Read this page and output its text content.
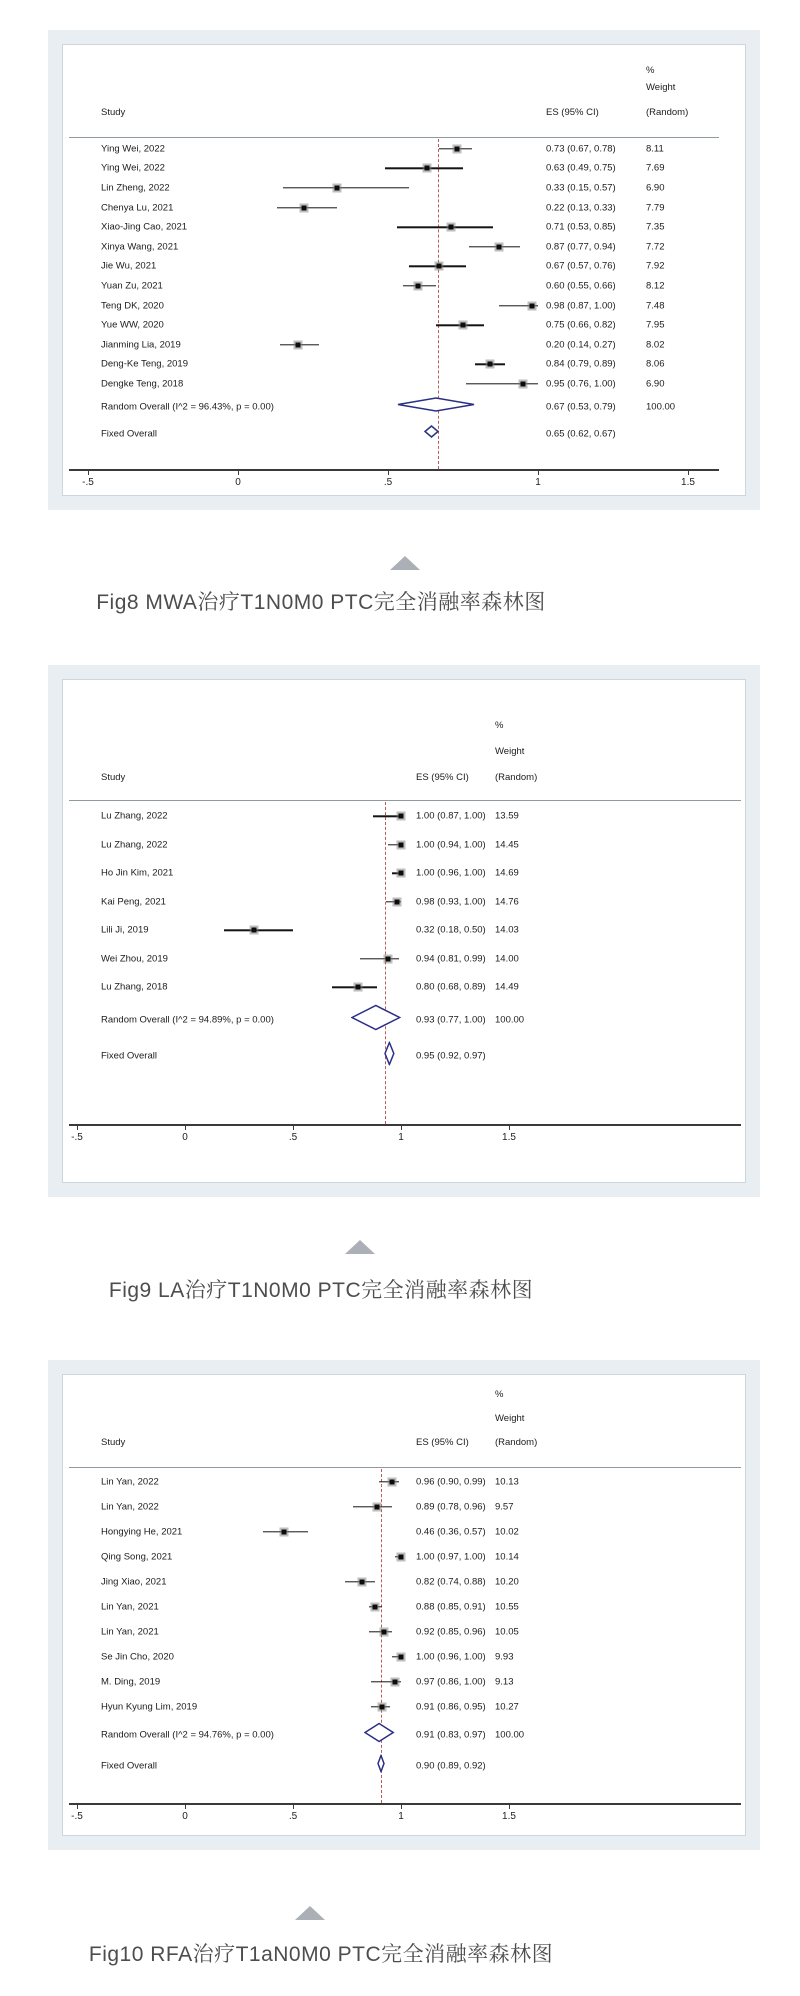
%
Weight
(Random)
Study	ES (95% CI)
Ying Wei, 2022	0.73 (0.67, 0.78)	8.11
Ying Wei, 2022	0.63 (0.49, 0.75)	7.69
Lin Zheng, 2022	0.33 (0.15, 0.57)	6.90
Chenya Lu, 2021	0.22 (0.13, 0.33)	7.79
Xiao-Jing Cao, 2021	0.71 (0.53, 0.85)	7.35
Xinya Wang, 2021	0.87 (0.77, 0.94)	7.72
Jie Wu, 2021	0.67 (0.57, 0.76)	7.92
Yuan Zu, 2021	0.60 (0.55, 0.66)	8.12
Teng DK, 2020	0.98 (0.87, 1.00)	7.48
Yue WW, 2020	0.75 (0.66, 0.82)	7.95
Jianming Lia, 2019	0.20 (0.14, 0.27)	8.02
Deng-Ke Teng, 2019	0.84 (0.79, 0.89)	8.06
Dengke Teng, 2018	0.95 (0.76, 1.00)	6.90
Random Overall (I^2 = 96.43%, p = 0.00)	0.67 (0.53, 0.79)	100.00
Fixed Overall	0.65 (0.62, 0.67)
-.5	0	.5	1	1.5
Fig8 MWA治疗T1N0M0 PTC完全消融率森林图
%
Weight
(Random)
Study	ES (95% CI)
Lu Zhang, 2022	1.00 (0.87, 1.00) 13.59
Lu Zhang, 2022	1.00 (0.94, 1.00) 14.45
Ho Jin Kim, 2021	1.00 (0.96, 1.00) 14.69
Kai Peng, 2021	0.98 (0.93, 1.00) 14.76
Lili Ji, 2019	0.32 (0.18, 0.50) 14.03
Wei Zhou, 2019	0.94 (0.81, 0.99) 14.00
Lu Zhang, 2018	0.80 (0.68, 0.89) 14.49
Random Overall (I^2 = 94.89%, p = 0.00)	0.93 (0.77, 1.00) 100.00
Fixed Overall	0.95 (0.92, 0.97)
-.5	0	.5	1	1.5
Fig9 LA治疗T1N0M0 PTC完全消融率森林图
%
Weight
(Random)
Study	ES (95% CI)
Lin Yan, 2022	0.96 (0.90, 0.99) 10.13
Lin Yan, 2022	0.89 (0.78, 0.96) 9.57
Hongying He, 2021	0.46 (0.36, 0.57) 10.02
Qing Song, 2021	1.00 (0.97, 1.00) 10.14
Jing Xiao, 2021	0.82 (0.74, 0.88) 10.20
Lin Yan, 2021	0.88 (0.85, 0.91) 10.55
Lin Yan, 2021	0.92 (0.85, 0.96) 10.05
Se Jin Cho, 2020	1.00 (0.96, 1.00) 9.93
M. Ding, 2019	0.97 (0.86, 1.00) 9.13
Hyun Kyung Lim, 2019	0.91 (0.86, 0.95) 10.27
Random Overall (I^2 = 94.76%, p = 0.00)	0.91 (0.83, 0.97) 100.00
Fixed Overall	0.90 (0.89, 0.92)
-.5	0	.5	1	1.5
Fig10 RFA治疗T1aN0M0 PTC完全消融率森林图
